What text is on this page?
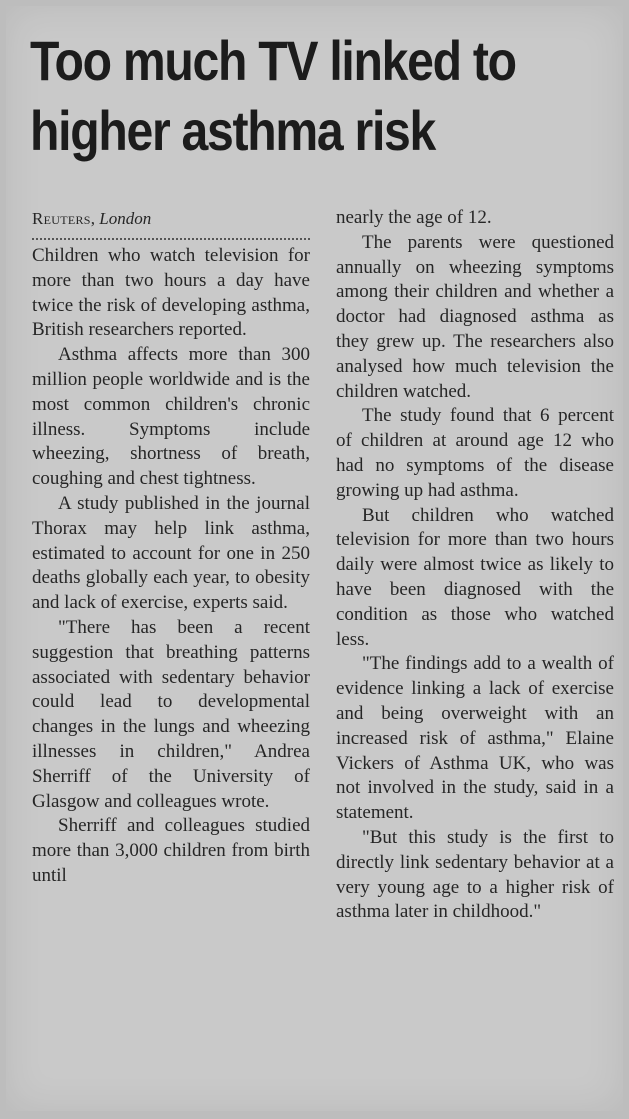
Too much TV linked to
higher asthma risk
Reuters, London

Children who watch television for more than two hours a day have twice the risk of developing asthma, British researchers reported.

Asthma affects more than 300 million people worldwide and is the most common children's chronic illness. Symptoms include wheezing, shortness of breath, coughing and chest tightness.

A study published in the journal Thorax may help link asthma, estimated to account for one in 250 deaths globally each year, to obesity and lack of exercise, experts said.

"There has been a recent suggestion that breathing patterns associated with sedentary behavior could lead to developmental changes in the lungs and wheezing illnesses in children," Andrea Sherriff of the University of Glasgow and colleagues wrote.

Sherriff and colleagues studied more than 3,000 children from birth until

nearly the age of 12.

The parents were questioned annually on wheezing symptoms among their children and whether a doctor had diagnosed asthma as they grew up. The researchers also analysed how much television the children watched.

The study found that 6 percent of children at around age 12 who had no symptoms of the disease growing up had asthma.

But children who watched television for more than two hours daily were almost twice as likely to have been diagnosed with the condition as those who watched less.

"The findings add to a wealth of evidence linking a lack of exercise and being overweight with an increased risk of asthma," Elaine Vickers of Asthma UK, who was not involved in the study, said in a statement.

"But this study is the first to directly link sedentary behavior at a very young age to a higher risk of asthma later in childhood."
